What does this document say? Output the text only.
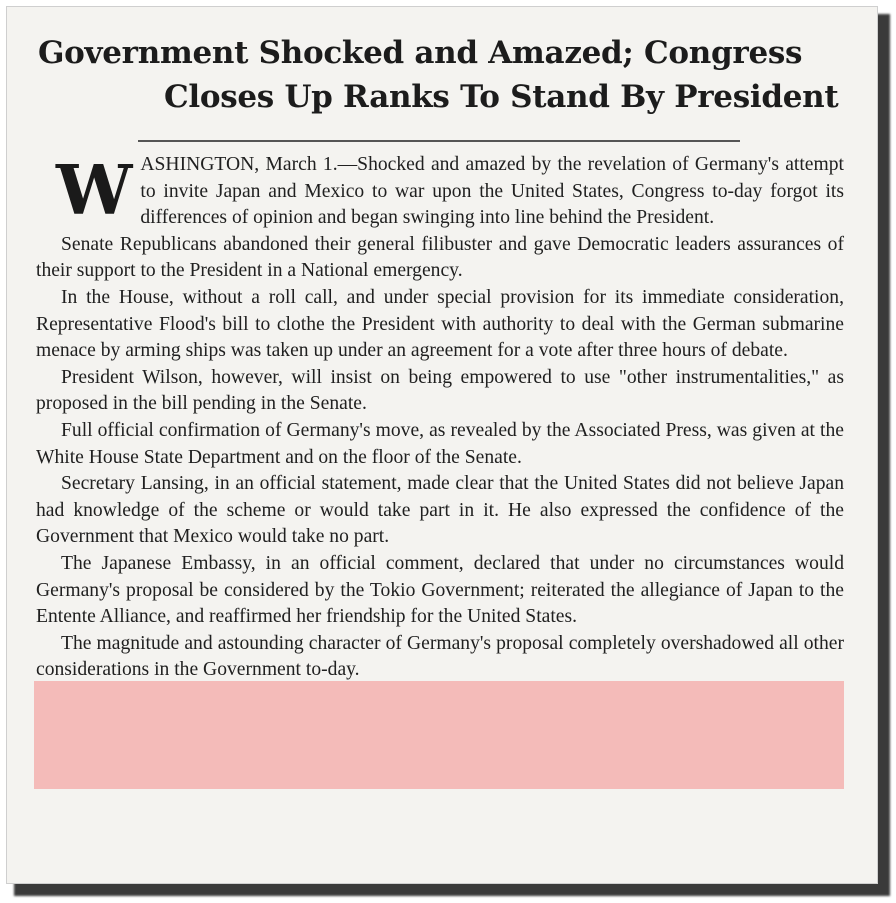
Government Shocked and Amazed; Congress
Closes Up Ranks To Stand By President

WASHINGTON, March 1.—Shocked and amazed by the revelation of Germany's attempt to invite Japan and Mexico to war upon the United States, Congress to-day forgot its differences of opinion and began swinging into line behind the President.

Senate Republicans abandoned their general filibuster and gave Democratic leaders assurances of their support to the President in a National emergency.

In the House, without a roll call, and under special provision for its immediate consideration, Representative Flood's bill to clothe the President with authority to deal with the German submarine menace by arming ships was taken up under an agreement for a vote after three hours of debate.

President Wilson, however, will insist on being empowered to use "other instrumentalities," as proposed in the bill pending in the Senate.

Full official confirmation of Germany's move, as revealed by the Associated Press, was given at the White House State Department and on the floor of the Senate.

Secretary Lansing, in an official statement, made clear that the United States did not believe Japan had knowledge of the scheme or would take part in it. He also expressed the confidence of the Government that Mexico would take no part.

The Japanese Embassy, in an official comment, declared that under no circumstances would Germany's proposal be considered by the Tokio Government; reiterated the allegiance of Japan to the Entente Alliance, and reaffirmed her friendship for the United States.

The magnitude and astounding character of Germany's proposal completely overshadowed all other considerations in the Government to-day.
